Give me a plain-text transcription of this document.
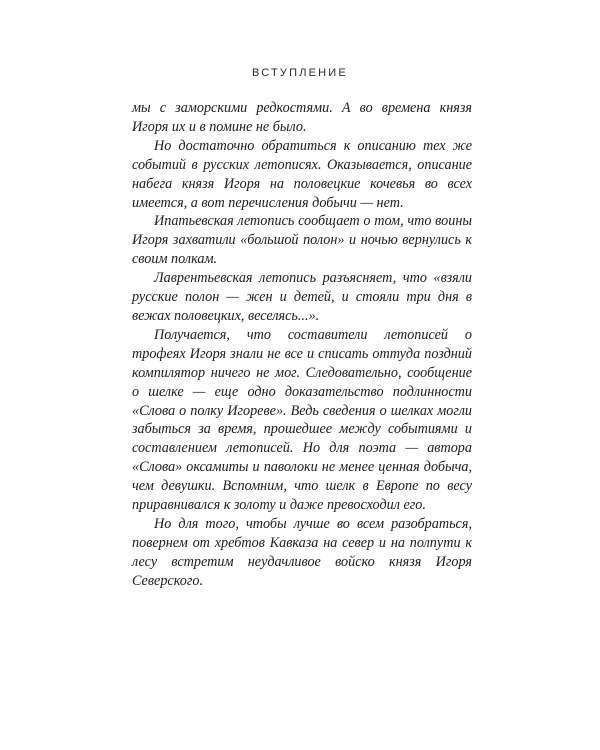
ВСТУПЛЕНИЕ

мы с заморскими редкостями. А во времена князя Игоря их и в помине не было.

Но достаточно обратиться к описанию тех же событий в русских летописях. Оказывается, описание набега князя Игоря на половецкие кочевья во всех имеется, а вот перечисления добычи — нет.

Ипатьевская летопись сообщает о том, что воины Игоря захватили «большой полон» и ночью вернулись к своим полкам.

Лаврентьевская летопись разъясняет, что «взяли русские полон — жен и детей, и стояли три дня в вежах половецких, веселясь...».

Получается, что составители летописей о трофеях Игоря знали не все и списать оттуда поздний компилятор ничего не мог. Следовательно, сообщение о шелке — еще одно доказательство подлинности «Слова о полку Игореве». Ведь сведения о шелках могли забыться за время, прошедшее между событиями и составлением летописей. Но для поэта — автора «Слова» оксамиты и паволоки не менее ценная добыча, чем девушки. Вспомним, что шелк в Европе по весу приравнивался к золоту и даже превосходил его.

Но для того, чтобы лучше во всем разобраться, повернем от хребтов Кавказа на север и на полпути к лесу встретим неудачливое войско князя Игоря Северского.
